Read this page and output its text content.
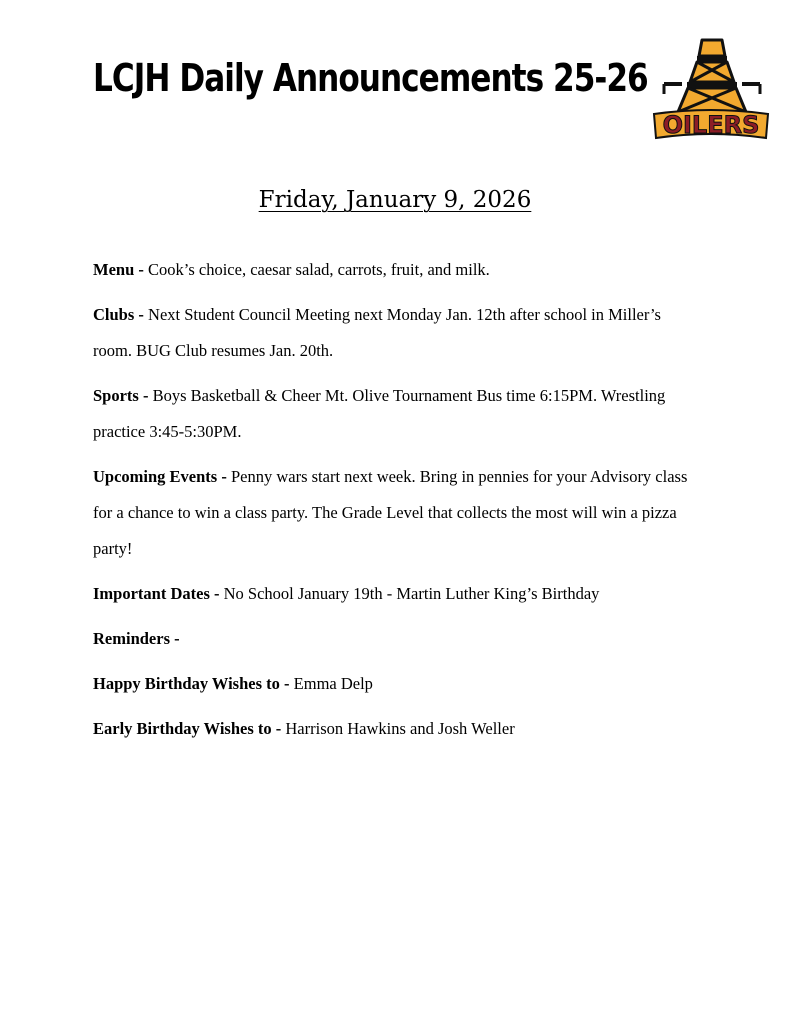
LCJH Daily Announcements 25-26
OILERS
Friday, January 9, 2026

Menu - Cook’s choice, caesar salad, carrots, fruit, and milk.

Clubs - Next Student Council Meeting next Monday Jan. 12th after school in Miller’s room. BUG Club resumes Jan. 20th.

Sports - Boys Basketball & Cheer Mt. Olive Tournament Bus time 6:15PM. Wrestling practice 3:45-5:30PM.

Upcoming Events - Penny wars start next week. Bring in pennies for your Advisory class for a chance to win a class party. The Grade Level that collects the most will win a pizza party!

Important Dates - No School January 19th - Martin Luther King’s Birthday

Reminders -

Happy Birthday Wishes to - Emma Delp

Early Birthday Wishes to - Harrison Hawkins and Josh Weller
